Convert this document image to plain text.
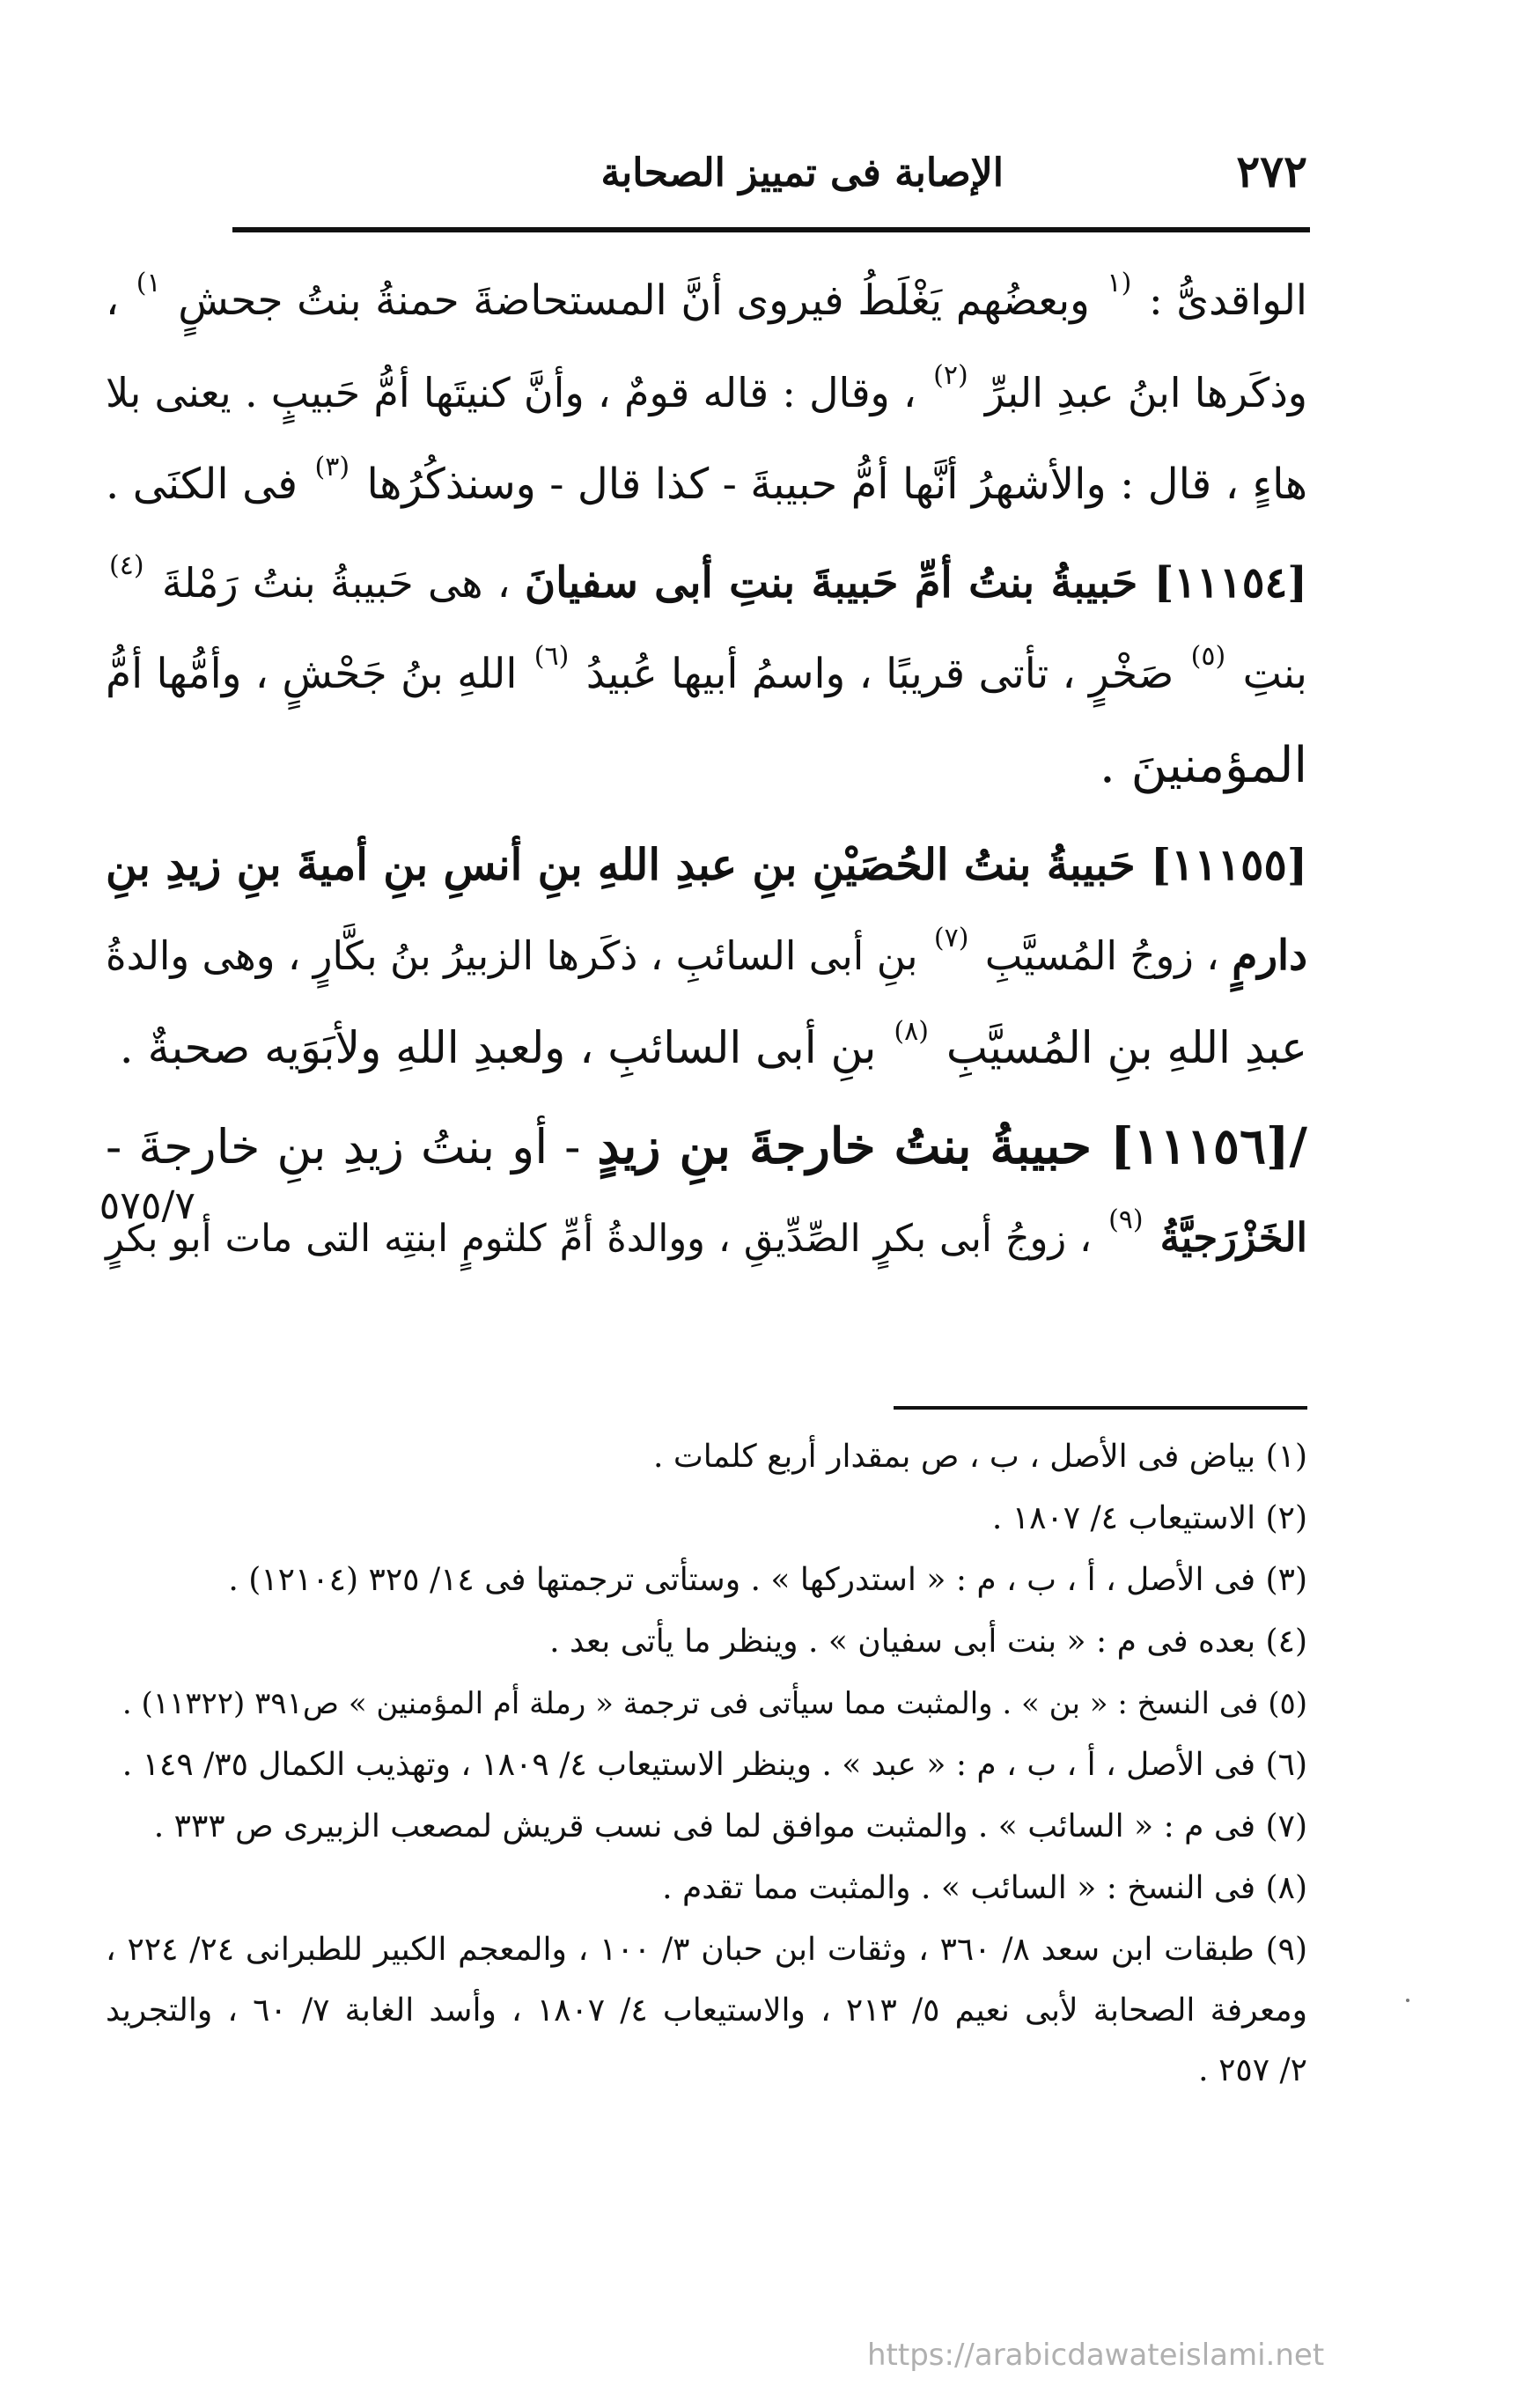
٢٧٢
الإصابة فى تمييز الصحابة
الواقدىُّ : $^{(١}$ وبعضُهم يَغْلَطُ فيروى أنَّ المستحاضةَ حمنةُ بنتُ جحشٍ $^{١)}$ ،
وذكَرها ابنُ عبدِ البرِّ $^{(٢)}$ ، وقال : قاله قومٌ ، وأنَّ كنيتَها أمُّ حَبيبٍ . يعنى بلا
هاءٍ ، قال : والأشهرُ أنَّها أمُّ حبيبةَ - كذا قال - وسنذكُرُها $^{(٣)}$ فى الكنَى .
[١١١٥٤] حَبيبةُ بنتُ أمِّ حَبيبةَ بنتِ أبى سفيانَ ، هى حَبيبةُ بنتُ رَمْلةَ $^{(٤)}$
بنتِ $^{(٥)}$ صَخْرٍ ، تأتى قريبًا ، واسمُ أبيها عُبيدُ $^{(٦)}$ اللهِ بنُ جَحْشٍ ، وأمُّها أمُّ
المؤمنينَ .
[١١١٥٥] حَبيبةُ بنتُ الحُصَيْنِ بنِ عبدِ اللهِ بنِ أنسِ بنِ أميةَ بنِ زيدِ بنِ
دارمٍ ، زوجُ المُسيَّبِ $^{(٧)}$ بنِ أبى السائبِ ، ذكَرها الزبيرُ بنُ بكَّارٍ ، وهى والدةُ
عبدِ اللهِ بنِ المُسيَّبِ $^{(٨)}$ بنِ أبى السائبِ ، ولعبدِ اللهِ ولأبَوَيه صحبةٌ .
/[١١١٥٦] حبيبةُ بنتُ خارجةَ بنِ زيدٍ - أو بنتُ زيدِ بنِ خارجةَ -
الخَزْرَجيَّةُ $^{(٩)}$ ، زوجُ أبى بكرٍ الصِّدِّيقِ ، ووالدةُ أمِّ كلثومٍ ابنتِه التى مات أبو بكرٍ
٥٧٥/٧
(١) بياض فى الأصل ، ب ، ص بمقدار أربع كلمات .
(٢) الاستيعاب ٤/ ١٨٠٧ .
(٣) فى الأصل ، أ ، ب ، م : « استدركها » . وستأتى ترجمتها فى ١٤/ ٣٢٥ (١٢١٠٤) .
(٤) بعده فى م : « بنت أبى سفيان » . وينظر ما يأتى بعد .
(٥) فى النسخ : « بن » . والمثبت مما سيأتى فى ترجمة « رملة أم المؤمنين » ص٣٩١ (١١٣٢٢) .
(٦) فى الأصل ، أ ، ب ، م : « عبد » . وينظر الاستيعاب ٤/ ١٨٠٩ ، وتهذيب الكمال ٣٥/ ١٤٩ .
(٧) فى م : « السائب » . والمثبت موافق لما فى نسب قريش لمصعب الزبيرى ص ٣٣٣ .
(٨) فى النسخ : « السائب » . والمثبت مما تقدم .
(٩) طبقات ابن سعد ٨/ ٣٦٠ ، وثقات ابن حبان ٣/ ١٠٠ ، والمعجم الكبير للطبرانى ٢٤/ ٢٢٤ ،
ومعرفة الصحابة لأبى نعيم ٥/ ٢١٣ ، والاستيعاب ٤/ ١٨٠٧ ، وأسد الغابة ٧/ ٦٠ ، والتجريد
٢/ ٢٥٧ .
https://arabicdawateislami.net
